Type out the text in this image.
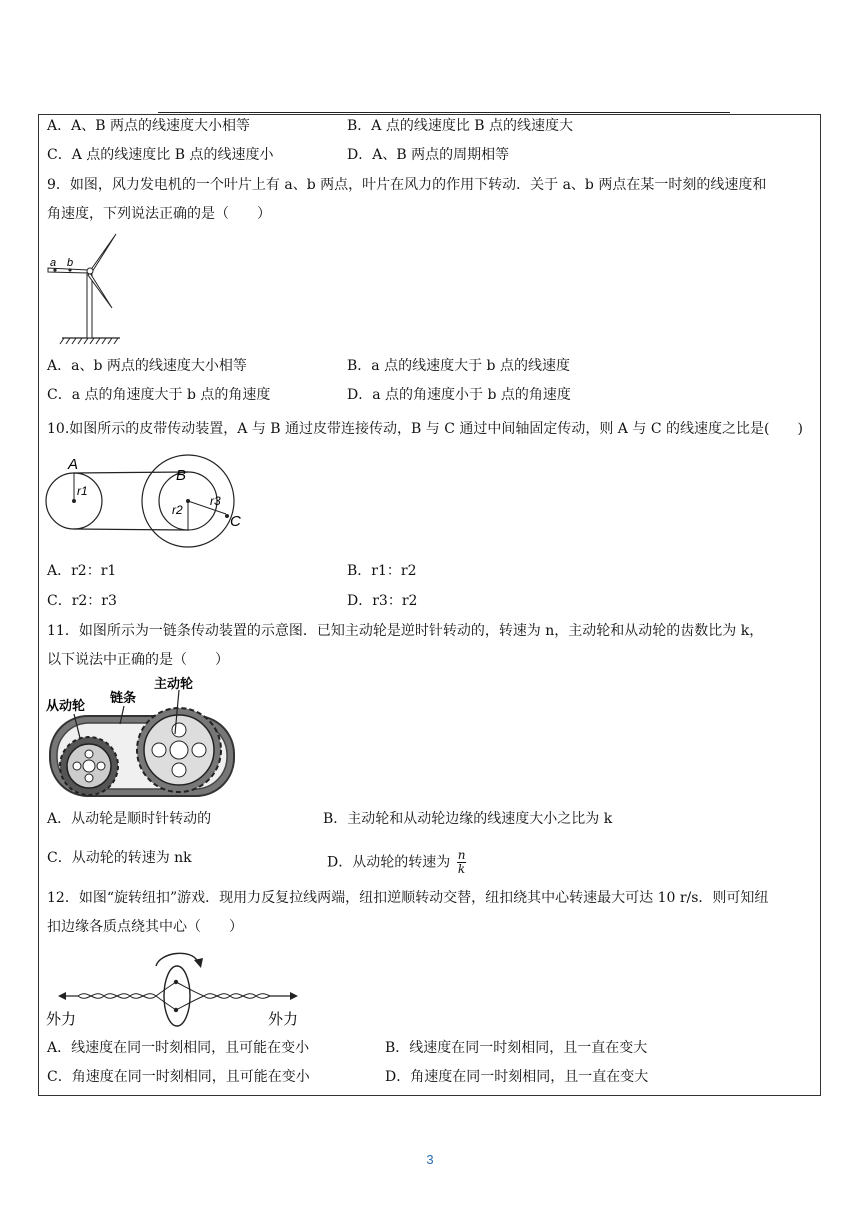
A．A、B 两点的线速度大小相等	B．A 点的线速度比 B 点的线速度大
C．A 点的线速度比 B 点的线速度小	D．A、B 两点的周期相等
9．如图，风力发电机的一个叶片上有 a、b 两点，叶片在风力的作用下转动．关于 a、b 两点在某一时刻的线速度和
角速度，下列说法正确的是（　　）
a b
A．a、b 两点的线速度大小相等	B．a 点的线速度大于 b 点的线速度
C．a 点的角速度大于 b 点的角速度	D．a 点的角速度小于 b 点的角速度
10.如图所示的皮带传动装置，A 与 B 通过皮带连接传动，B 与 C 通过中间轴固定传动，则 A 与 C 的线速度之比是(　　)
A
B
C
r1
r2
r3
A．r2：r1	B．r1：r2
C．r2：r3	D．r3：r2
11．如图所示为一链条传动装置的示意图．已知主动轮是逆时针转动的，转速为 n，主动轮和从动轮的齿数比为 k，
以下说法中正确的是（　　）
主动轮
链条
从动轮
A．从动轮是顺时针转动的	B．主动轮和从动轮边缘的线速度大小之比为 k
C．从动轮的转速为 nk	D．从动轮的转速为 $\frac{n}{k}$
12．如图“旋转纽扣”游戏．现用力反复拉线两端，纽扣逆顺转动交替，纽扣绕其中心转速最大可达 10 r/s．则可知纽
扣边缘各质点绕其中心（　　）
外力	外力
A．线速度在同一时刻相同，且可能在变小	B．线速度在同一时刻相同，且一直在变大
C．角速度在同一时刻相同，且可能在变小	D．角速度在同一时刻相同，且一直在变大
3
